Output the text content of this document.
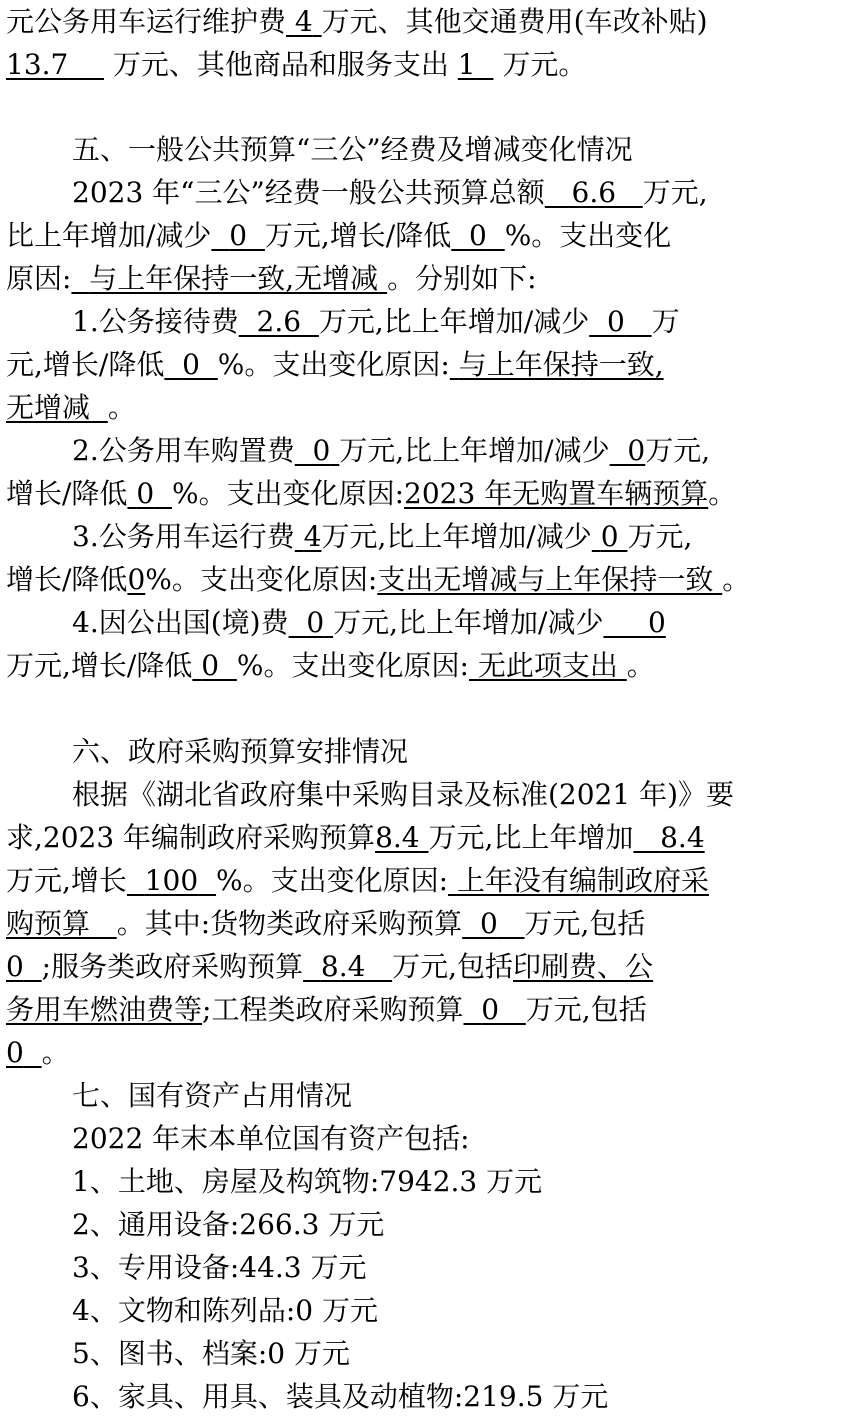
元公务用车运行维护费 4 万元、其他交通费用(车改补贴)
13.7 万元、其他商品和服务支出 1 万元。
五、一般公共预算“三公”经费及增减变化情况
2023 年“三公”经费一般公共预算总额 6.6 万元,
比上年增加/减少 0 万元,增长/降低 0 %。支出变化
原因: 与上年保持一致,无增减 。分别如下:
1.公务接待费 2.6 万元,比上年增加/减少 0 万
元,增长/降低 0 %。支出变化原因: 与上年保持一致,
无增减 。
2.公务用车购置费 0 万元,比上年增加/减少 0万元,
增长/降低 0 %。支出变化原因:2023 年无购置车辆预算。
3.公务用车运行费 4万元,比上年增加/减少 0 万元,
增长/降低0%。支出变化原因:支出无增减与上年保持一致 。
4.因公出国(境)费 0 万元,比上年增加/减少 0
万元,增长/降低 0 %。支出变化原因: 无此项支出 。
六、政府采购预算安排情况
根据《湖北省政府集中采购目录及标准(2021 年)》要
求,2023 年编制政府采购预算8.4 万元,比上年增加 8.4
万元,增长 100 %。支出变化原因: 上年没有编制政府采
购预算 。其中:货物类政府采购预算 0 万元,包括
0 ;服务类政府采购预算 8.4 万元,包括印刷费、公
务用车燃油费等;工程类政府采购预算 0 万元,包括
0 。
七、国有资产占用情况
2022 年末本单位国有资产包括:
1、土地、房屋及构筑物:7942.3 万元
2、通用设备:266.3 万元
3、专用设备:44.3 万元
4、文物和陈列品:0 万元
5、图书、档案:0 万元
6、家具、用具、装具及动植物:219.5 万元
